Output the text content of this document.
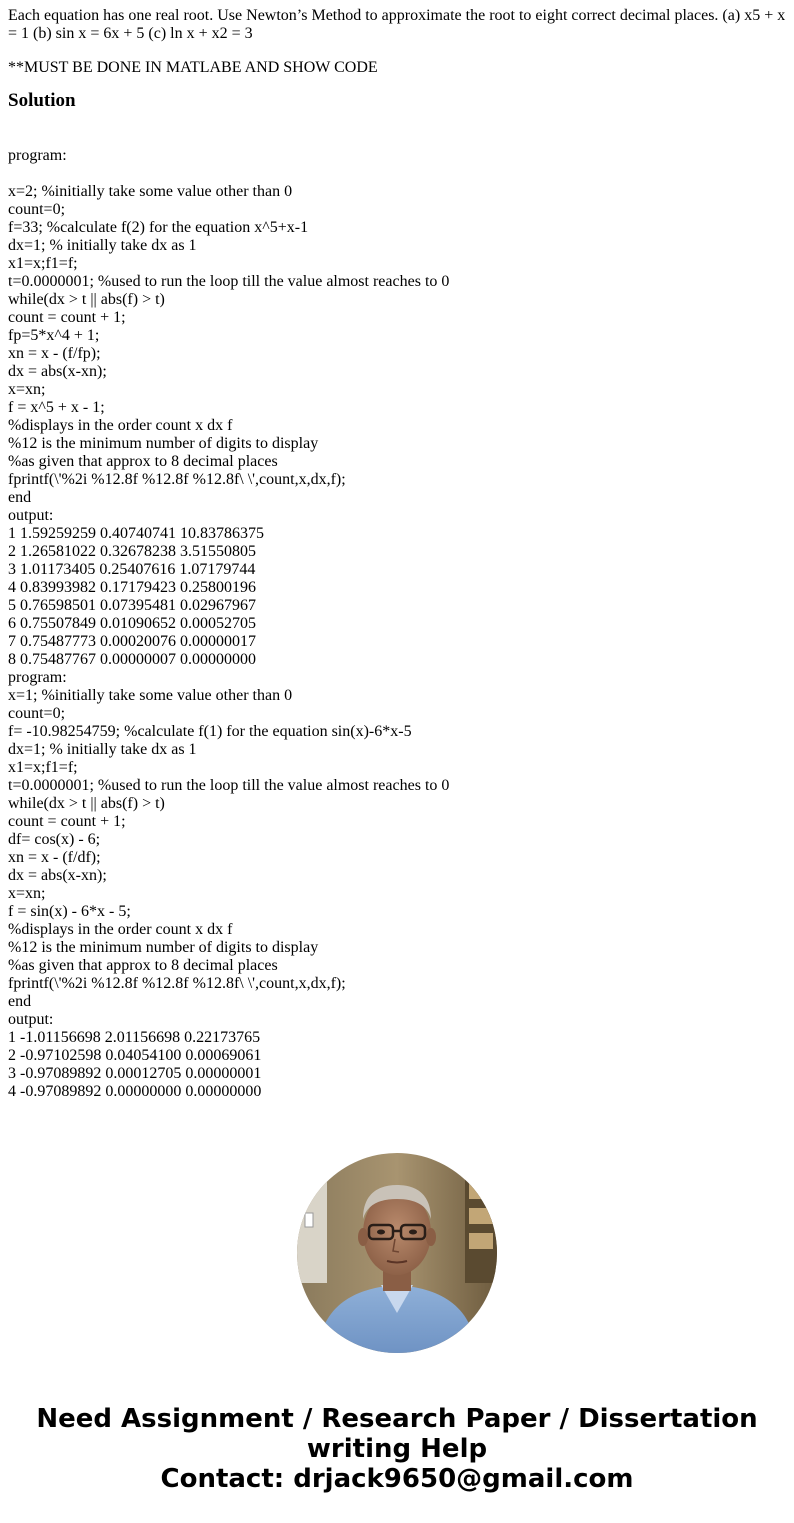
Each equation has one real root. Use Newton’s Method to approximate the root to eight correct decimal places. (a) x5 + x = 1 (b) sin x = 6x + 5 (c) ln x + x2 = 3

**MUST BE DONE IN MATLABE AND SHOW CODE

Solution
program:
x=2; %initially take some value other than 0
count=0;
f=33; %calculate f(2) for the equation x^5+x-1
dx=1; % initially take dx as 1
x1=x;f1=f;
t=0.0000001; %used to run the loop till the value almost reaches to 0
while(dx > t || abs(f) > t)
count = count + 1;
fp=5*x^4 + 1;
xn = x - (f/fp);
dx = abs(x-xn);
x=xn;
f = x^5 + x - 1;
%displays in the order count x dx f
%12 is the minimum number of digits to display
%as given that approx to 8 decimal places
fprintf(\'%2i %12.8f %12.8f %12.8f\ \',count,x,dx,f);
end
output:
1 1.59259259 0.40740741 10.83786375
2 1.26581022 0.32678238 3.51550805
3 1.01173405 0.25407616 1.07179744
4 0.83993982 0.17179423 0.25800196
5 0.76598501 0.07395481 0.02967967
6 0.75507849 0.01090652 0.00052705
7 0.75487773 0.00020076 0.00000017
8 0.75487767 0.00000007 0.00000000
program:
x=1; %initially take some value other than 0
count=0;
f= -10.98254759; %calculate f(1) for the equation sin(x)-6*x-5
dx=1; % initially take dx as 1
x1=x;f1=f;
t=0.0000001; %used to run the loop till the value almost reaches to 0
while(dx > t || abs(f) > t)
count = count + 1;
df= cos(x) - 6;
xn = x - (f/df);
dx = abs(x-xn);
x=xn;
f = sin(x) - 6*x - 5;
%displays in the order count x dx f
%12 is the minimum number of digits to display
%as given that approx to 8 decimal places
fprintf(\'%2i %12.8f %12.8f %12.8f\ \',count,x,dx,f);
end
output:
1 -1.01156698 2.01156698 0.22173765
2 -0.97102598 0.04054100 0.00069061
3 -0.97089892 0.00012705 0.00000001
4 -0.97089892 0.00000000 0.00000000
Need Assignment / Research Paper / Dissertation
writing Help
Contact: drjack9650@gmail.com
